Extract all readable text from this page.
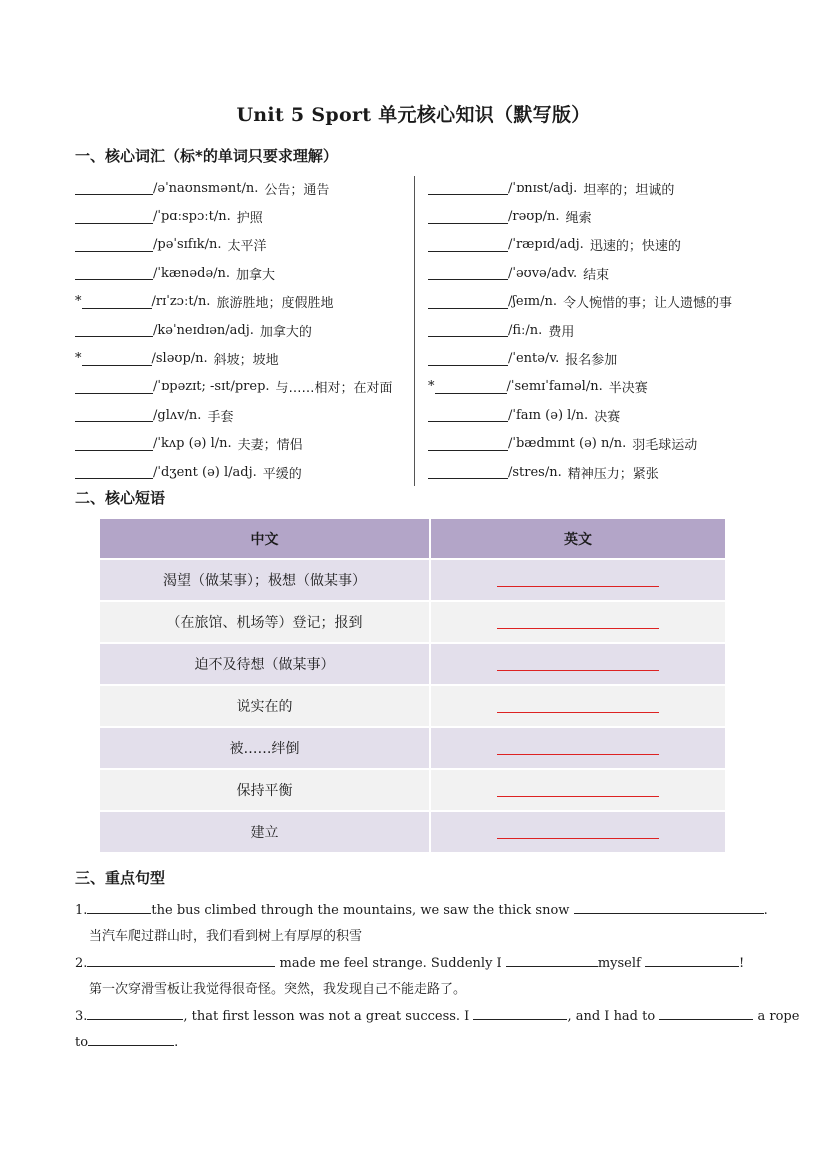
Unit 5 Sport 单元核心知识（默写版）
一、核心词汇（标*的单词只要求理解）
/əˈnaʊnsmənt/n. 公告；通告
/ˈpɑːspɔːt/n. 护照
/pəˈsɪfɪk/n. 太平洋
/ˈkænədə/n. 加拿大
*	/rɪˈzɔːt/n. 旅游胜地；度假胜地
/kəˈneɪdɪən/adj. 加拿大的
*	/sləʊp/n. 斜坡；坡地
/ˈɒpəzɪt; -sɪt/prep. 与……相对；在对面
/glʌv/n. 手套
/ˈkʌp (ə) l/n. 夫妻；情侣
/ˈdʒent (ə) l/adj. 平缓的
/ˈɒnɪst/adj. 坦率的；坦诚的
/rəʊp/n. 绳索
/ˈræpɪd/adj. 迅速的；快速的
/ˈəʊvə/adv. 结束
/ʃeɪm/n. 令人惋惜的事；让人遗憾的事
/fiː/n. 费用
/ˈentə/v. 报名参加
*	/ˈsemɪˈfaɪnəl/n. 半决赛
/ˈfaɪn (ə) l/n. 决赛
/ˈbædmɪnt (ə) n/n. 羽毛球运动
/stres/n. 精神压力；紧张
二、核心短语
中文	英文
渴望（做某事）；极想（做某事）	
（在旅馆、机场等）登记；报到	
迫不及待想（做某事）	
说实在的	
被……绊倒	
保持平衡	
建立	
三、重点句型
1.	the bus climbed through the mountains, we saw the thick snow	.
当汽车爬过群山时，我们看到树上有厚厚的积雪
2.	made me feel strange. Suddenly I	myself	!
第一次穿滑雪板让我觉得很奇怪。突然，我发现自己不能走路了。
3.	, that first lesson was not a great success. I	, and I had to	a rope
to	.
